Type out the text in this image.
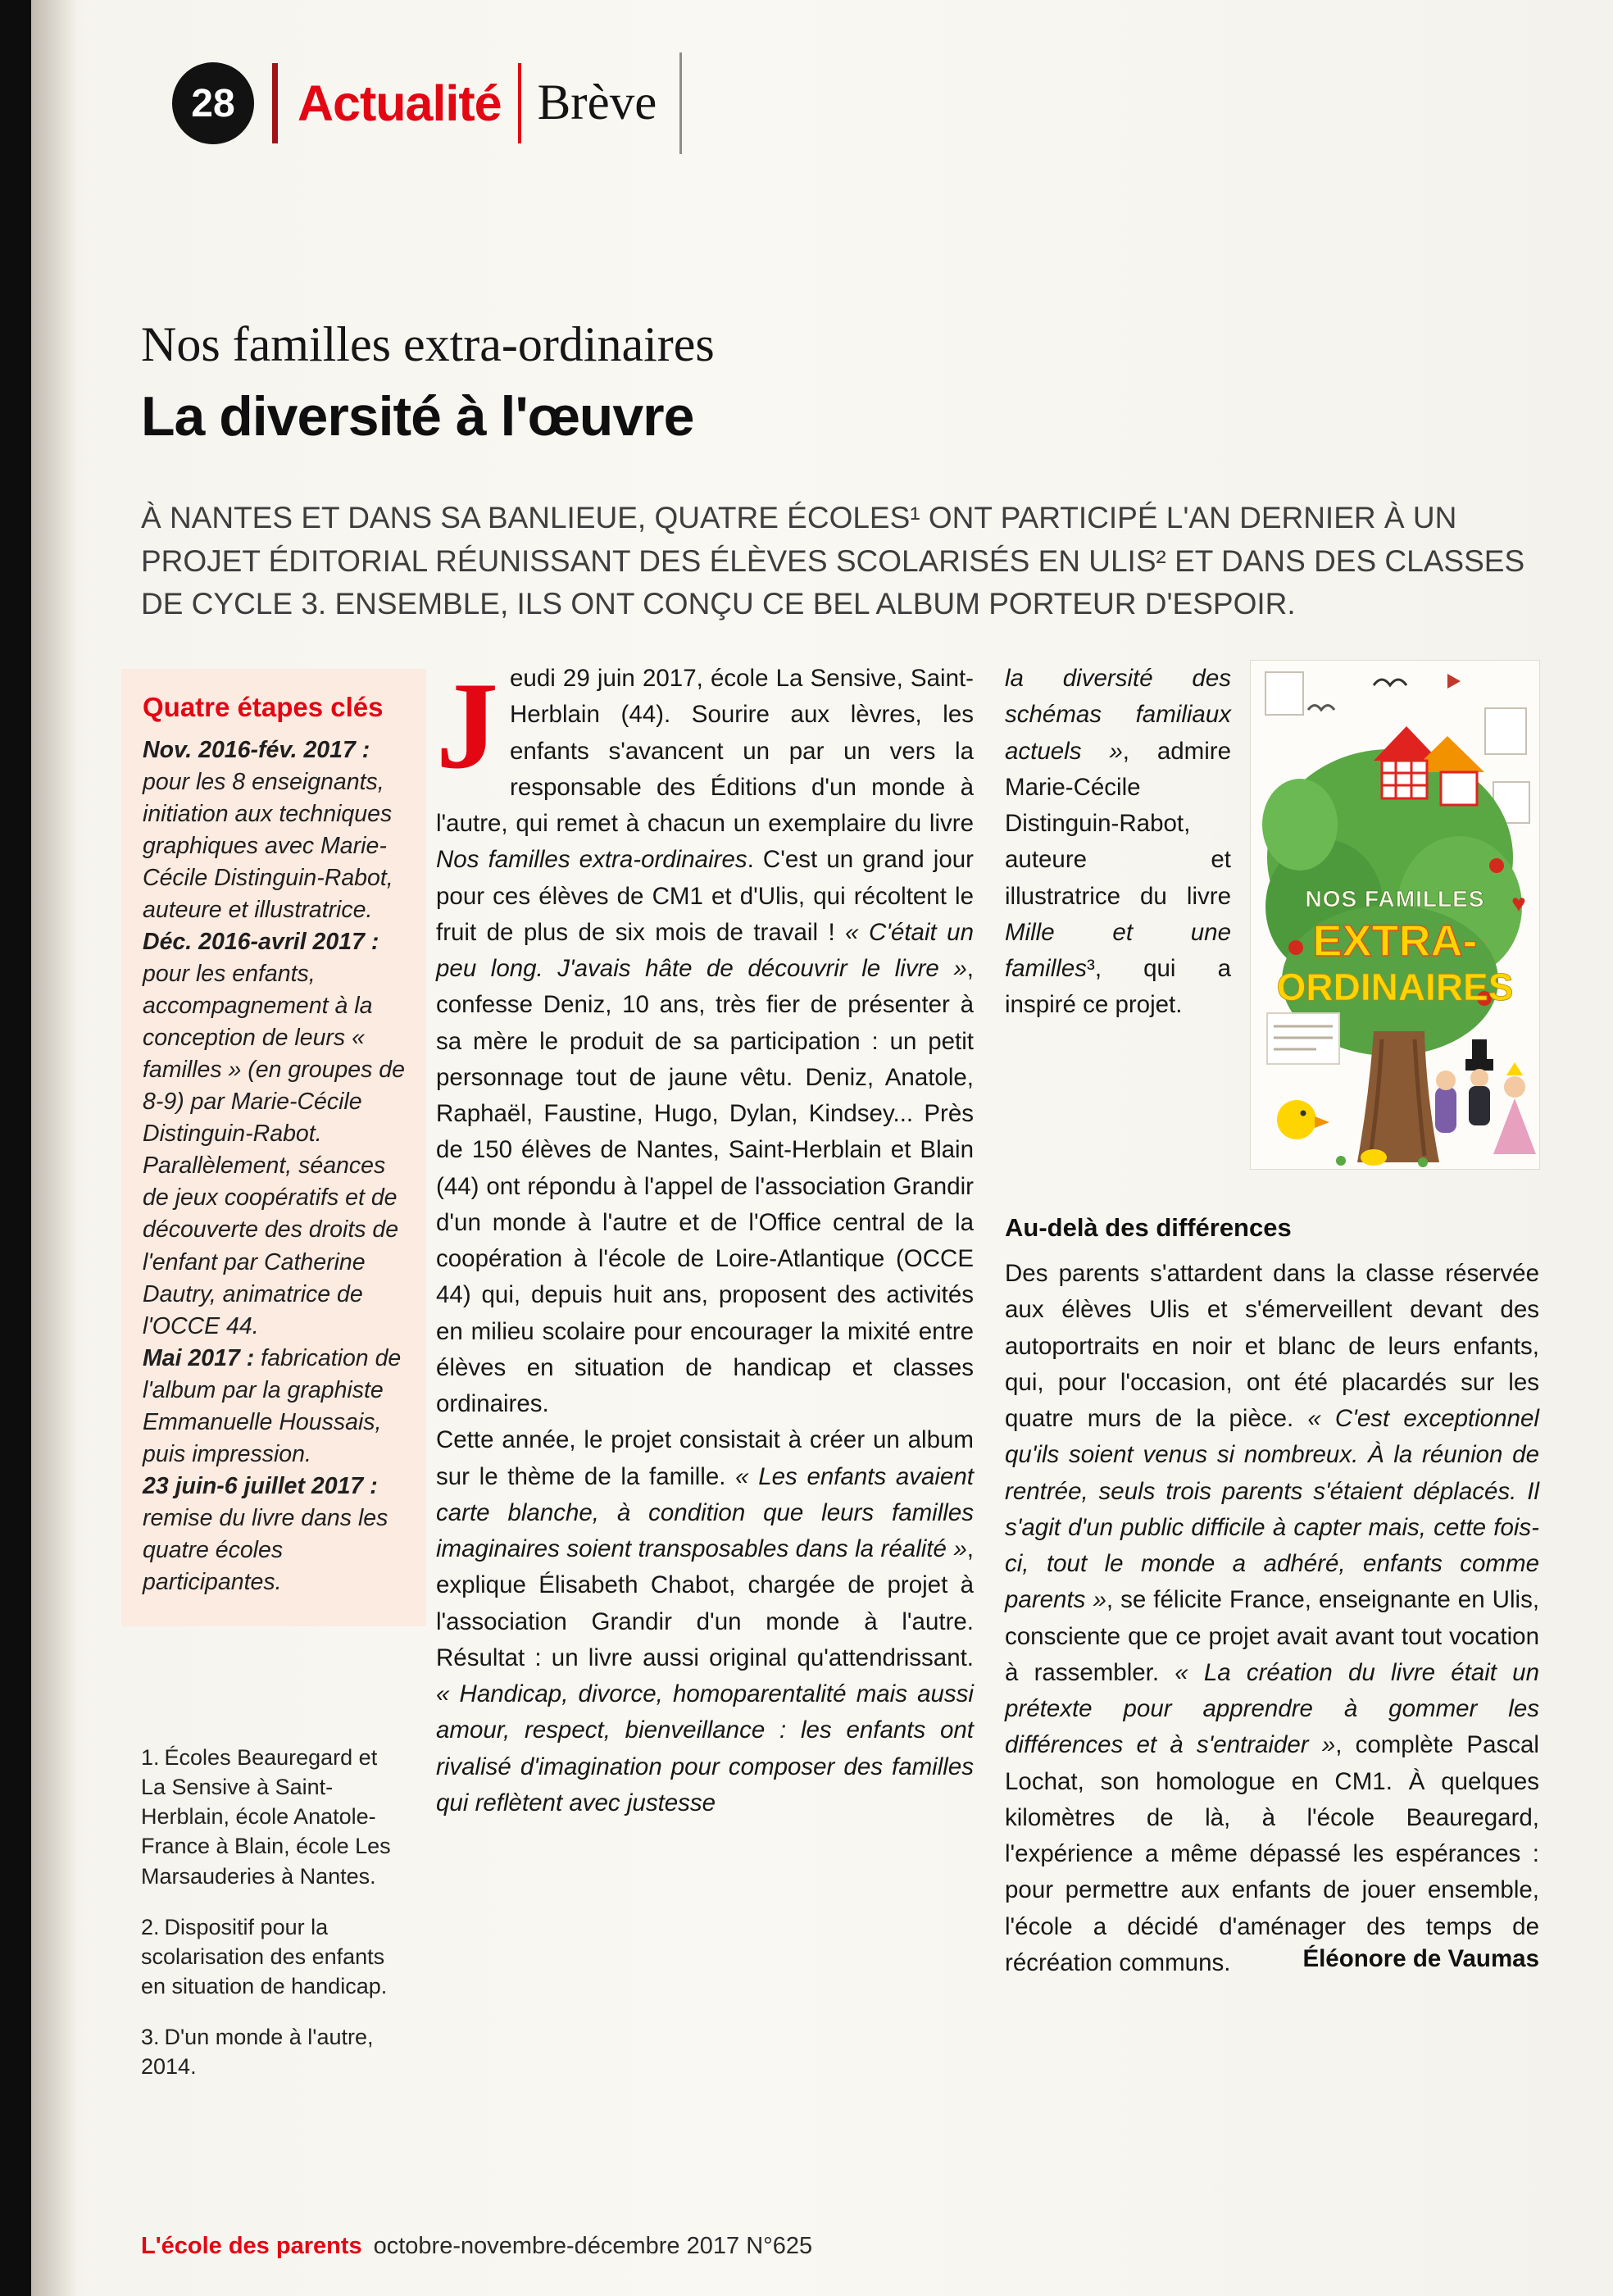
28 Actualité Brève
Nos familles extra-ordinaires
La diversité à l'œuvre

À NANTES ET DANS SA BANLIEUE, QUATRE ÉCOLES¹ ONT PARTICIPÉ L'AN DERNIER À UN PROJET ÉDITORIAL RÉUNISSANT DES ÉLÈVES SCOLARISÉS EN ULIS² ET DANS DES CLASSES DE CYCLE 3. ENSEMBLE, ILS ONT CONÇU CE BEL ALBUM PORTEUR D'ESPOIR.

Quatre étapes clés
Nov. 2016-fév. 2017 : pour les 8 enseignants, initiation aux techniques graphiques avec Marie-Cécile Distinguin-Rabot, auteure et illustratrice.
Déc. 2016-avril 2017 : pour les enfants, accompagnement à la conception de leurs « familles » (en groupes de 8-9) par Marie-Cécile Distinguin-Rabot. Parallèlement, séances de jeux coopératifs et de découverte des droits de l'enfant par Catherine Dautry, animatrice de l'OCCE 44.
Mai 2017 : fabrication de l'album par la graphiste Emmanuelle Houssais, puis impression.
23 juin-6 juillet 2017 : remise du livre dans les quatre écoles participantes.
1. Écoles Beauregard et La Sensive à Saint-Herblain, école Anatole-France à Blain, école Les Marsauderies à Nantes.
2. Dispositif pour la scolarisation des enfants en situation de handicap.
3. D'un monde à l'autre, 2014.

Jeudi 29 juin 2017, école La Sensive, Saint-Herblain (44). Sourire aux lèvres, les enfants s'avancent un par un vers la responsable des Éditions d'un monde à l'autre, qui remet à chacun un exemplaire du livre Nos familles extra-ordinaires. C'est un grand jour pour ces élèves de CM1 et d'Ulis, qui récoltent le fruit de plus de six mois de travail ! « C'était un peu long. J'avais hâte de découvrir le livre », confesse Deniz, 10 ans, très fier de présenter à sa mère le produit de sa participation : un petit personnage tout de jaune vêtu. Deniz, Anatole, Raphaël, Faustine, Hugo, Dylan, Kindsey... Près de 150 élèves de Nantes, Saint-Herblain et Blain (44) ont répondu à l'appel de l'association Grandir d'un monde à l'autre et de l'Office central de la coopération à l'école de Loire-Atlantique (OCCE 44) qui, depuis huit ans, proposent des activités en milieu scolaire pour encourager la mixité entre élèves en situation de handicap et classes ordinaires.

Cette année, le projet consistait à créer un album sur le thème de la famille. « Les enfants avaient carte blanche, à condition que leurs familles imaginaires soient transposables dans la réalité », explique Élisabeth Chabot, chargée de projet à l'association Grandir d'un monde à l'autre. Résultat : un livre aussi original qu'attendrissant. « Handicap, divorce, homoparentalité mais aussi amour, respect, bienveillance : les enfants ont rivalisé d'imagination pour composer des familles qui reflètent avec justesse

♥
NOS FAMILLES
EXTRA-
ORDINAIRES

la diversité des schémas familiaux actuels », admire Marie-Cécile Distinguin-Rabot, auteure et illustratrice du livre Mille et une familles³, qui a inspiré ce projet.

Au-delà des différences

Des parents s'attardent dans la classe réservée aux élèves Ulis et s'émerveillent devant des autoportraits en noir et blanc de leurs enfants, qui, pour l'occasion, ont été placardés sur les quatre murs de la pièce. « C'est exceptionnel qu'ils soient venus si nombreux. À la réunion de rentrée, seuls trois parents s'étaient déplacés. Il s'agit d'un public difficile à capter mais, cette fois-ci, tout le monde a adhéré, enfants comme parents », se félicite France, enseignante en Ulis, consciente que ce projet avait avant tout vocation à rassembler. « La création du livre était un prétexte pour apprendre à gommer les différences et à s'entraider », complète Pascal Lochat, son homologue en CM1. À quelques kilomètres de là, à l'école Beauregard, l'expérience a même dépassé les espérances : pour permettre aux enfants de jouer ensemble, l'école a décidé d'aménager des temps de récréation communs.	Éléonore de Vaumas
L'école des parents octobre-novembre-décembre 2017 N°625
